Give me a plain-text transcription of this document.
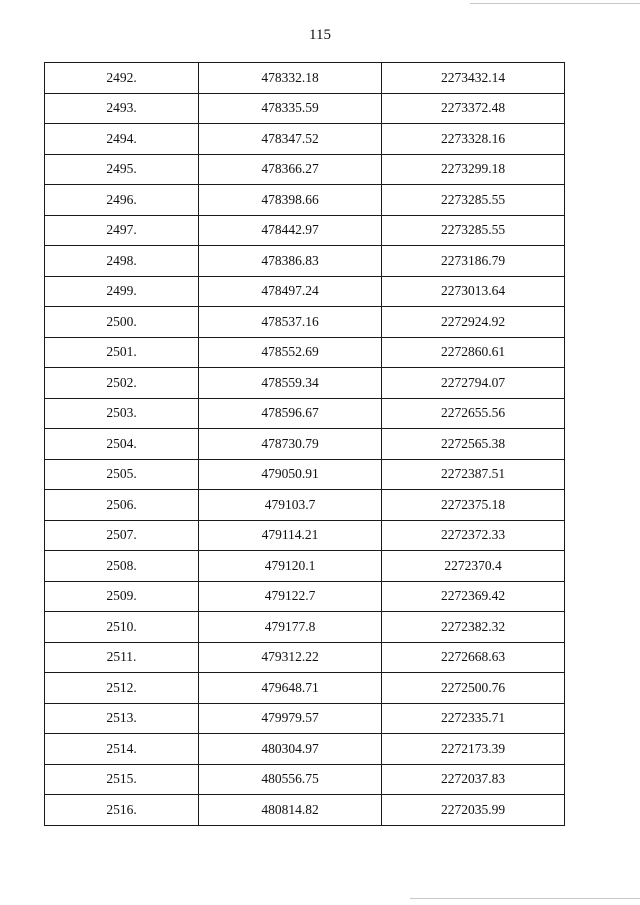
115
2492.	478332.18	2273432.14
2493.	478335.59	2273372.48
2494.	478347.52	2273328.16
2495.	478366.27	2273299.18
2496.	478398.66	2273285.55
2497.	478442.97	2273285.55
2498.	478386.83	2273186.79
2499.	478497.24	2273013.64
2500.	478537.16	2272924.92
2501.	478552.69	2272860.61
2502.	478559.34	2272794.07
2503.	478596.67	2272655.56
2504.	478730.79	2272565.38
2505.	479050.91	2272387.51
2506.	479103.7	2272375.18
2507.	479114.21	2272372.33
2508.	479120.1	2272370.4
2509.	479122.7	2272369.42
2510.	479177.8	2272382.32
2511.	479312.22	2272668.63
2512.	479648.71	2272500.76
2513.	479979.57	2272335.71
2514.	480304.97	2272173.39
2515.	480556.75	2272037.83
2516.	480814.82	2272035.99
